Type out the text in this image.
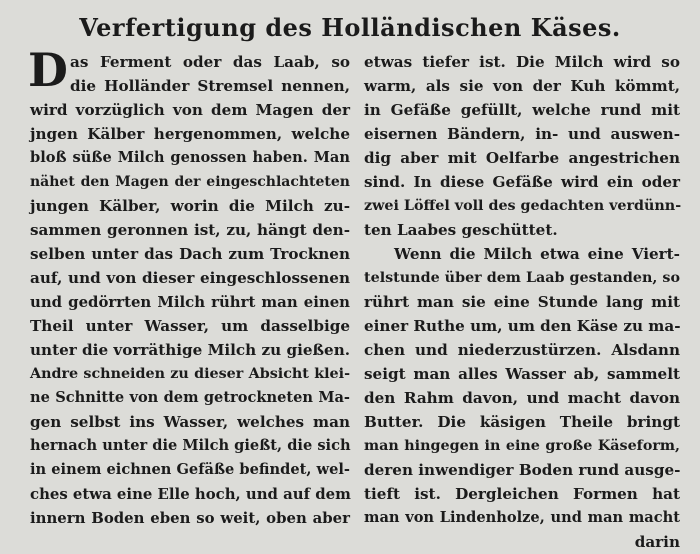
Verfertigung des Holländischen Käses.
D as Ferment oder das Laab, so
die Holländer Stremsel nennen,
wird vorzüglich von dem Magen der
jngen Kälber hergenommen, welche
bloß süße Milch genossen haben. Man
nähet den Magen der eingeschlachteten
jungen Kälber, worin die Milch zu-
sammen geronnen ist, zu, hängt den-
selben unter das Dach zum Trocknen
auf, und von dieser eingeschlossenen
und gedörrten Milch rührt man einen
Theil unter Wasser, um dasselbige
unter die vorräthige Milch zu gießen.
Andre schneiden zu dieser Absicht klei-
ne Schnitte von dem getrockneten Ma-
gen selbst ins Wasser, welches man
hernach unter die Milch gießt, die sich
in einem eichnen Gefäße befindet, wel-
ches etwa eine Elle hoch, und auf dem
innern Boden eben so weit, oben aber
etwas tiefer ist. Die Milch wird so
warm, als sie von der Kuh kömmt,
in Gefäße gefüllt, welche rund mit
eisernen Bändern, in- und auswen-
dig aber mit Oelfarbe angestrichen
sind. In diese Gefäße wird ein oder
zwei Löffel voll des gedachten verdünn-
ten Laabes geschüttet.
Wenn die Milch etwa eine Viert-
telstunde über dem Laab gestanden, so
rührt man sie eine Stunde lang mit
einer Ruthe um, um den Käse zu ma-
chen und niederzustürzen. Alsdann
seigt man alles Wasser ab, sammelt
den Rahm davon, und macht davon
Butter. Die käsigen Theile bringt
man hingegen in eine große Käseform,
deren inwendiger Boden rund ausge-
tieft ist. Dergleichen Formen hat
man von Lindenholze, und man macht
darin
